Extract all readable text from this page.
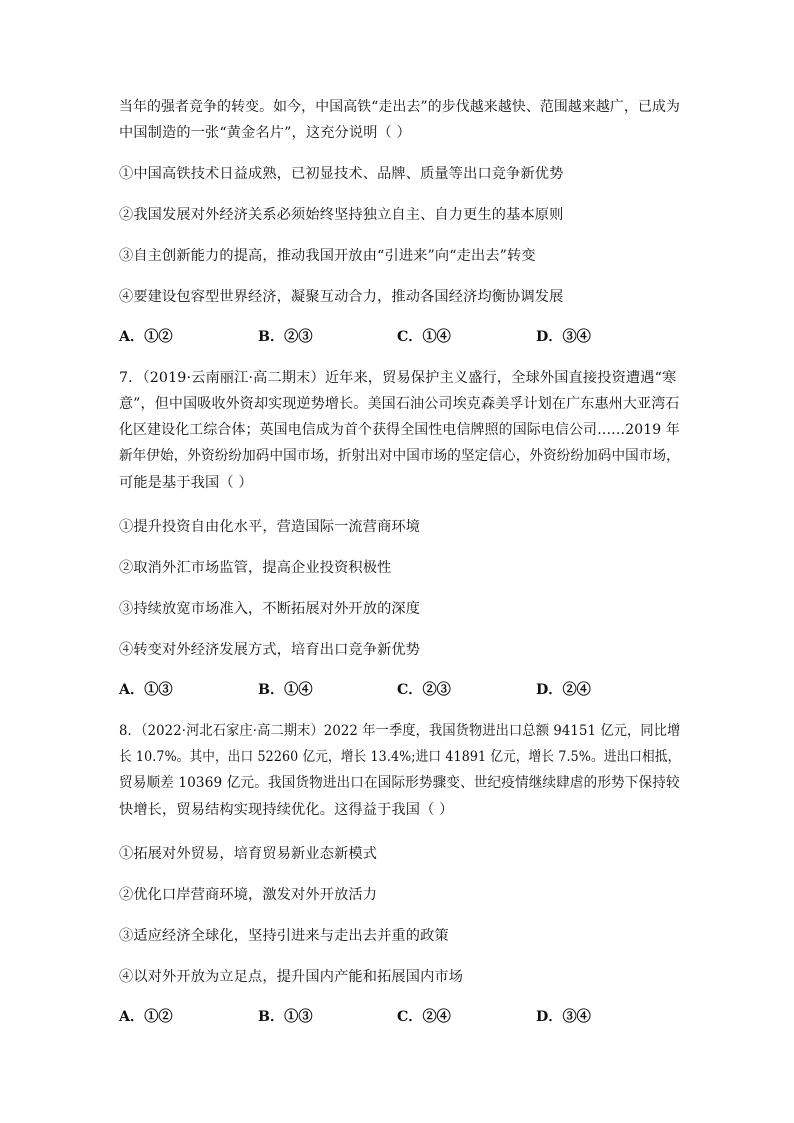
当年的强者竞争的转变。如今，中国高铁“走出去”的步伐越来越快、范围越来越广，已成为
中国制造的一张“黄金名片”，这充分说明（ ）
①中国高铁技术日益成熟，已初显技术、品牌、质量等出口竞争新优势
②我国发展对外经济关系必须始终坚持独立自主、自力更生的基本原则
③自主创新能力的提高，推动我国开放由“引进来”向“走出去”转变
④要建设包容型世界经济，凝聚互动合力，推动各国经济均衡协调发展
A．①②	B．②③	C．①④	D．③④
7．（2019·云南丽江·高二期末）近年来，贸易保护主义盛行，全球外国直接投资遭遇“寒
意”，但中国吸收外资却实现逆势增长。美国石油公司埃克森美孚计划在广东惠州大亚湾石
化区建设化工综合体；英国电信成为首个获得全国性电信牌照的国际电信公司……2019 年
新年伊始，外资纷纷加码中国市场，折射出对中国市场的坚定信心，外资纷纷加码中国市场，
可能是基于我国（ ）
①提升投资自由化水平，营造国际一流营商环境
②取消外汇市场监管，提高企业投资积极性
③持续放宽市场准入，不断拓展对外开放的深度
④转变对外经济发展方式，培育出口竞争新优势
A．①③	B．①④	C．②③	D．②④
8．（2022·河北石家庄·高二期末）2022 年一季度，我国货物进出口总额 94151 亿元，同比增
长 10.7%。其中，出口 52260 亿元，增长 13.4%;进口 41891 亿元，增长 7.5%。进出口相抵，
贸易顺差 10369 亿元。我国货物进出口在国际形势骤变、世纪疫情继续肆虐的形势下保持较
快增长，贸易结构实现持续优化。这得益于我国（ ）
①拓展对外贸易，培育贸易新业态新模式
②优化口岸营商环境，激发对外开放活力
③适应经济全球化，坚持引进来与走出去并重的政策
④以对外开放为立足点，提升国内产能和拓展国内市场
A．①②	B．①③	C．②④	D．③④
